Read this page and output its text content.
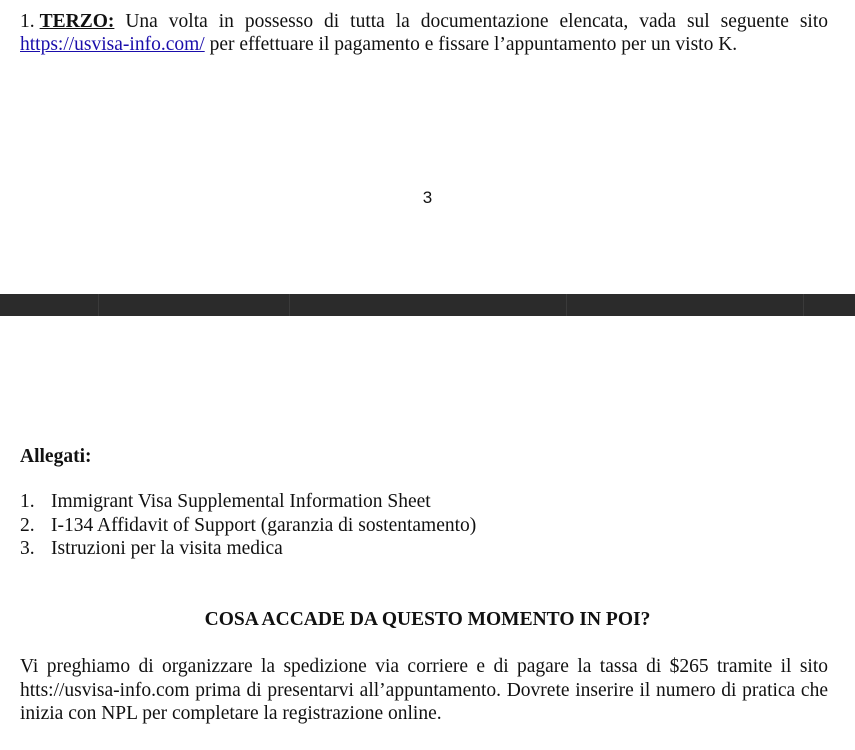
1. TERZO: Una volta in possesso di tutta la documentazione elencata, vada sul seguente sito https://usvisa-info.com/ per effettuare il pagamento e fissare l’appuntamento per un visto K.
3
Allegati:
1. Immigrant Visa Supplemental Information Sheet
2. I-134 Affidavit of Support (garanzia di sostentamento)
3. Istruzioni per la visita medica
COSA ACCADE DA QUESTO MOMENTO IN POI?
Vi preghiamo di organizzare la spedizione via corriere e di pagare la tassa di $265 tramite il sito htts://usvisa-info.com prima di presentarvi all’appuntamento. Dovrete inserire il numero di pratica che inizia con NPL per completare la registrazione online.
